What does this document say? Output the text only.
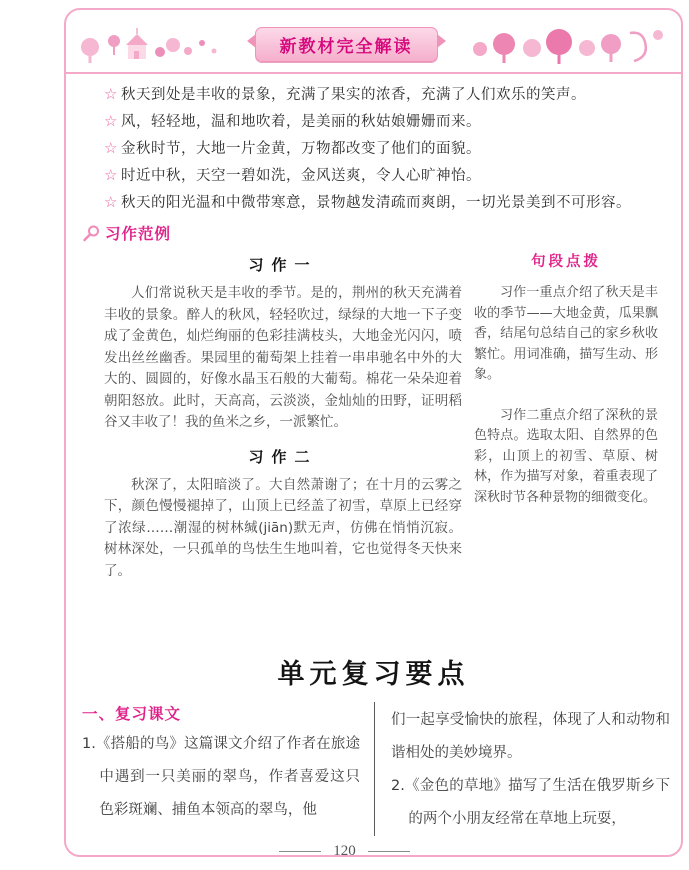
新教材完全解读
☆ 秋天到处是丰收的景象，充满了果实的浓香，充满了人们欢乐的笑声。
☆ 风，轻轻地，温和地吹着，是美丽的秋姑娘姗姗而来。
☆ 金秋时节，大地一片金黄，万物都改变了他们的面貌。
☆ 时近中秋，天空一碧如洗，金风送爽，令人心旷神怡。
☆ 秋天的阳光温和中微带寒意，景物越发清疏而爽朗，一切光景美到不可形容。
习作范例
习作一

人们常说秋天是丰收的季节。是的，荆州的秋天充满着丰收的景象。醉人的秋风，轻轻吹过，绿绿的大地一下子变成了金黄色，灿烂绚丽的色彩挂满枝头，大地金光闪闪，喷发出丝丝幽香。果园里的葡萄架上挂着一串串驰名中外的大大的、圆圆的，好像水晶玉石般的大葡萄。棉花一朵朵迎着朝阳怒放。此时，天高高，云淡淡，金灿灿的田野，证明稻谷又丰收了！我的鱼米之乡，一派繁忙。

习作二

秋深了，太阳暗淡了。大自然萧谢了；在十月的云雾之下，颜色慢慢褪掉了，山顶上已经盖了初雪，草原上已经穿了浓绿……潮湿的树林缄(jiān)默无声，仿佛在悄悄沉寂。树林深处，一只孤单的鸟怯生生地叫着，它也觉得冬天快来了。

句段点拨

习作一重点介绍了秋天是丰收的季节——大地金黄，瓜果飘香，结尾句总结自己的家乡秋收繁忙。用词准确，描写生动、形象。

习作二重点介绍了深秋的景色特点。选取太阳、自然界的色彩，山顶上的初雪、草原、树林，作为描写对象，着重表现了深秋时节各种景物的细微变化。

单元复习要点
一、复习课文

1.《搭船的鸟》这篇课文介绍了作者在旅途中遇到一只美丽的翠鸟，作者喜爱这只色彩斑斓、捕鱼本领高的翠鸟，他

们一起享受愉快的旅程，体现了人和动物和谐相处的美妙境界。

2.《金色的草地》描写了生活在俄罗斯乡下的两个小朋友经常在草地上玩耍，

120
